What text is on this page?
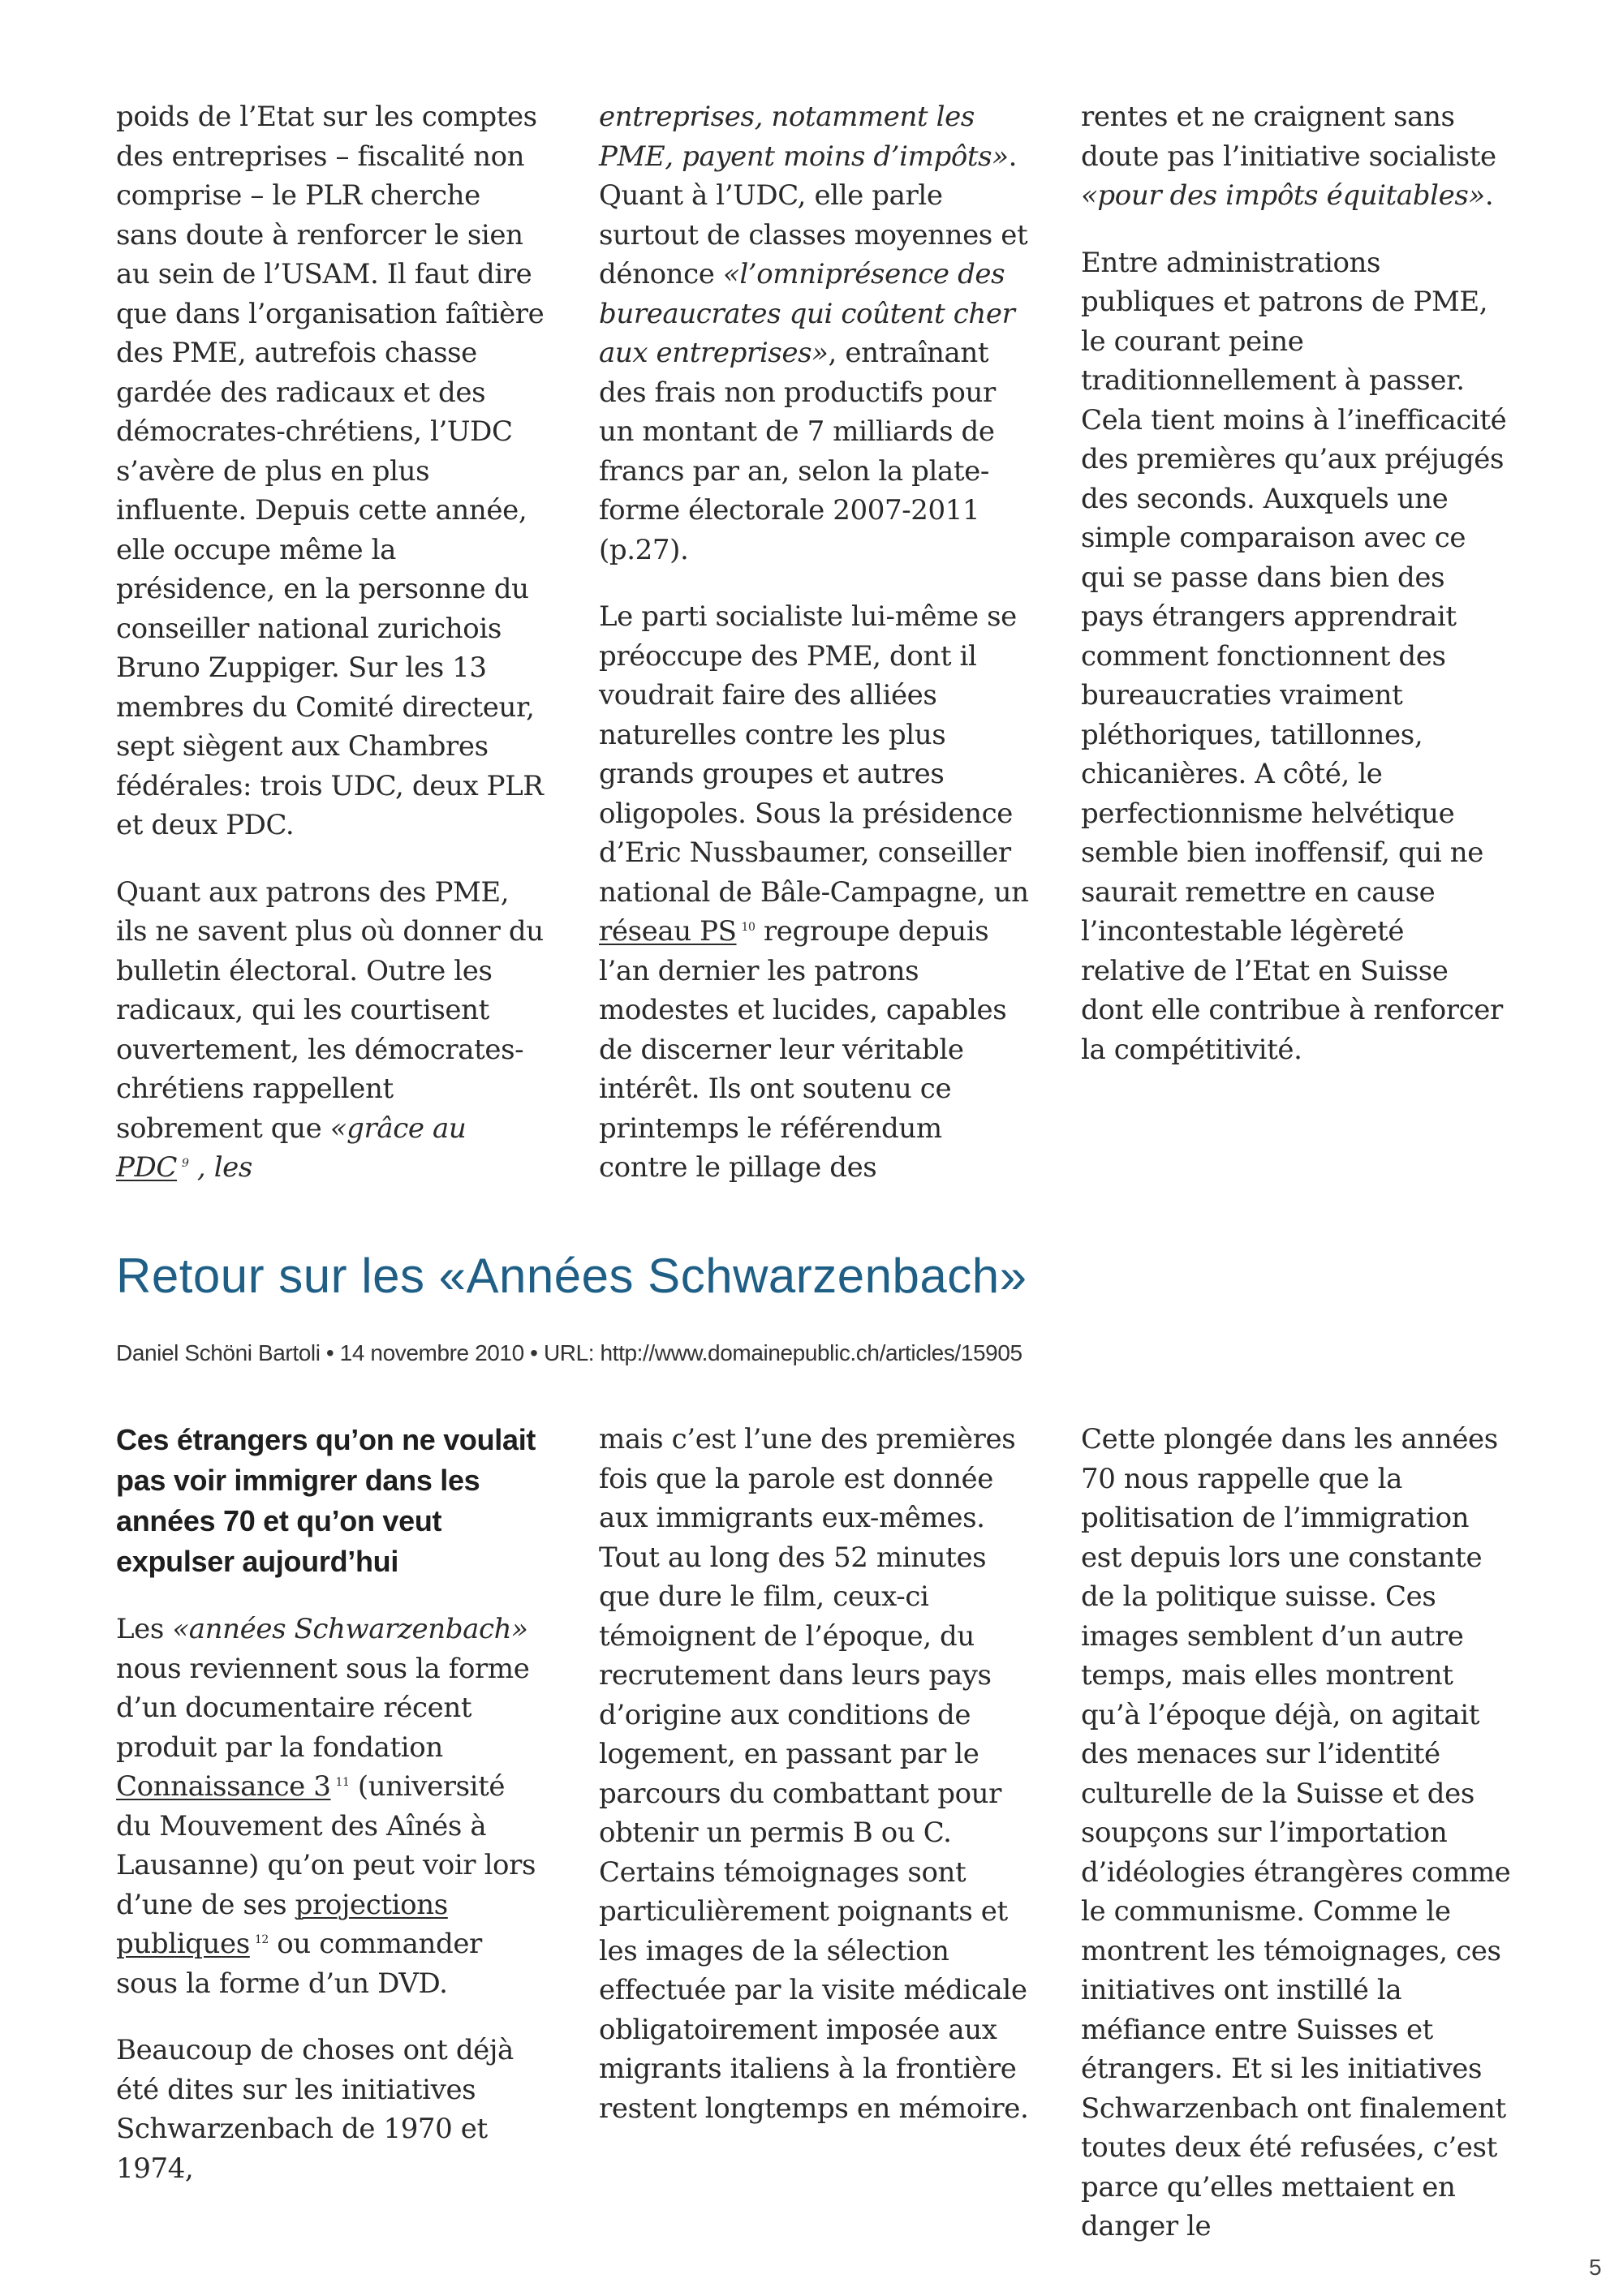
poids de l’Etat sur les comptes des entreprises – fiscalité non comprise – le PLR cherche sans doute à renforcer le sien au sein de l’USAM. Il faut dire que dans l’organisation faîtière des PME, autrefois chasse gardée des radicaux et des démocrates-chrétiens, l’UDC s’avère de plus en plus influente. Depuis cette année, elle occupe même la présidence, en la personne du conseiller national zurichois Bruno Zuppiger. Sur les 13 membres du Comité directeur, sept siègent aux Chambres fédérales: trois UDC, deux PLR et deux PDC.

Quant aux patrons des PME, ils ne savent plus où donner du bulletin électoral. Outre les radicaux, qui les courtisent ouvertement, les démocrates-chrétiens rappellent sobrement que «grâce au PDC $^9$ , les

entreprises, notamment les PME, payent moins d’impôts». Quant à l’UDC, elle parle surtout de classes moyennes et dénonce «l’omniprésence des bureaucrates qui coûtent cher aux entreprises», entraînant des frais non productifs pour un montant de 7 milliards de francs par an, selon la plate-forme électorale 2007-2011 (p.27).

Le parti socialiste lui-même se préoccupe des PME, dont il voudrait faire des alliées naturelles contre les plus grands groupes et autres oligopoles. Sous la présidence d’Eric Nussbaumer, conseiller national de Bâle-Campagne, un réseau PS $^{10}$ regroupe depuis l’an dernier les patrons modestes et lucides, capables de discerner leur véritable intérêt. Ils ont soutenu ce printemps le référendum contre le pillage des

rentes et ne craignent sans doute pas l’initiative socialiste «pour des impôts équitables».

Entre administrations publiques et patrons de PME, le courant peine traditionnellement à passer. Cela tient moins à l’inefficacité des premières qu’aux préjugés des seconds. Auxquels une simple comparaison avec ce qui se passe dans bien des pays étrangers apprendrait comment fonctionnent des bureaucraties vraiment pléthoriques, tatillonnes, chicanières. A côté, le perfectionnisme helvétique semble bien inoffensif, qui ne saurait remettre en cause l’incontestable légèreté relative de l’Etat en Suisse dont elle contribue à renforcer la compétitivité.

Retour sur les «Années Schwarzenbach»
Daniel Schöni Bartoli • 14 novembre 2010 • URL: http://www.domainepublic.ch/articles/15905

Ces étrangers qu’on ne voulait pas voir immigrer dans les années 70 et qu’on veut expulser aujourd’hui

Les «années Schwarzenbach» nous reviennent sous la forme d’un documentaire récent produit par la fondation Connaissance 3 $^{11}$ (université du Mouvement des Aînés à Lausanne) qu’on peut voir lors d’une de ses projections publiques $^{12}$ ou commander sous la forme d’un DVD.

Beaucoup de choses ont déjà été dites sur les initiatives Schwarzenbach de 1970 et 1974,

mais c’est l’une des premières fois que la parole est donnée aux immigrants eux-mêmes. Tout au long des 52 minutes que dure le film, ceux-ci témoignent de l’époque, du recrutement dans leurs pays d’origine aux conditions de logement, en passant par le parcours du combattant pour obtenir un permis B ou C. Certains témoignages sont particulièrement poignants et les images de la sélection effectuée par la visite médicale obligatoirement imposée aux migrants italiens à la frontière restent longtemps en mémoire.

Cette plongée dans les années 70 nous rappelle que la politisation de l’immigration est depuis lors une constante de la politique suisse. Ces images semblent d’un autre temps, mais elles montrent qu’à l’époque déjà, on agitait des menaces sur l’identité culturelle de la Suisse et des soupçons sur l’importation d’idéologies étrangères comme le communisme. Comme le montrent les témoignages, ces initiatives ont instillé la méfiance entre Suisses et étrangers. Et si les initiatives Schwarzenbach ont finalement toutes deux été refusées, c’est parce qu’elles mettaient en danger le

5
